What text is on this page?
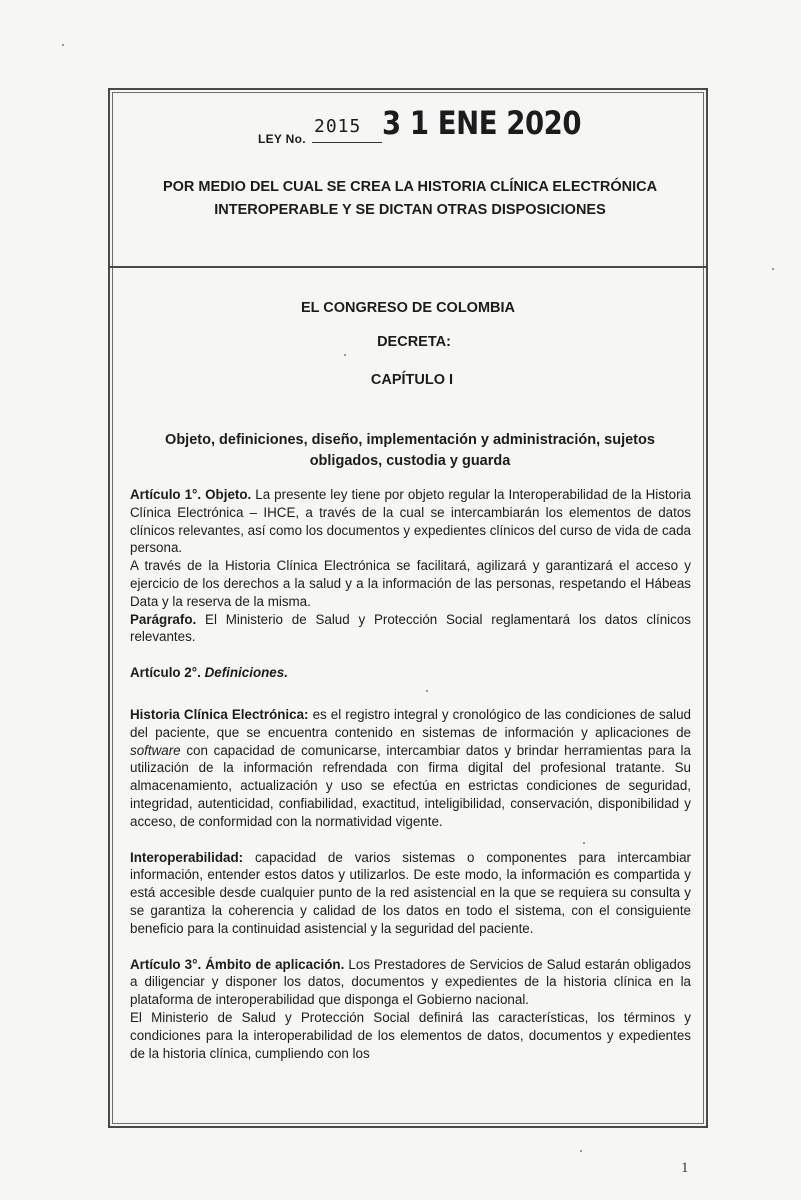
LEY No.
2015 3 1 ENE 2020
POR MEDIO DEL CUAL SE CREA LA HISTORIA CLÍNICA ELECTRÓNICA
INTEROPERABLE Y SE DICTAN OTRAS DISPOSICIONES
EL CONGRESO DE COLOMBIA
DECRETA:
CAPÍTULO I
Objeto, definiciones, diseño, implementación y administración, sujetos
obligados, custodia y guarda

Artículo 1°. Objeto. La presente ley tiene por objeto regular la Interoperabilidad de la Historia Clínica Electrónica – IHCE, a través de la cual se intercambiarán los elementos de datos clínicos relevantes, así como los documentos y expedientes clínicos del curso de vida de cada persona.

A través de la Historia Clínica Electrónica se facilitará, agilizará y garantizará el acceso y ejercicio de los derechos a la salud y a la información de las personas, respetando el Hábeas Data y la reserva de la misma.

Parágrafo. El Ministerio de Salud y Protección Social reglamentará los datos clínicos relevantes.

Artículo 2°. Definiciones.

Historia Clínica Electrónica: es el registro integral y cronológico de las condiciones de salud del paciente, que se encuentra contenido en sistemas de información y aplicaciones de software con capacidad de comunicarse, intercambiar datos y brindar herramientas para la utilización de la información refrendada con firma digital del profesional tratante. Su almacenamiento, actualización y uso se efectúa en estrictas condiciones de seguridad, integridad, autenticidad, confiabilidad, exactitud, inteligibilidad, conservación, disponibilidad y acceso, de conformidad con la normatividad vigente.

Interoperabilidad: capacidad de varios sistemas o componentes para intercambiar información, entender estos datos y utilizarlos. De este modo, la información es compartida y está accesible desde cualquier punto de la red asistencial en la que se requiera su consulta y se garantiza la coherencia y calidad de los datos en todo el sistema, con el consiguiente beneficio para la continuidad asistencial y la seguridad del paciente.

Artículo 3°. Ámbito de aplicación. Los Prestadores de Servicios de Salud estarán obligados a diligenciar y disponer los datos, documentos y expedientes de la historia clínica en la plataforma de interoperabilidad que disponga el Gobierno nacional.

El Ministerio de Salud y Protección Social definirá las características, los términos y condiciones para la interoperabilidad de los elementos de datos, documentos y expedientes de la historia clínica, cumpliendo con los

1
